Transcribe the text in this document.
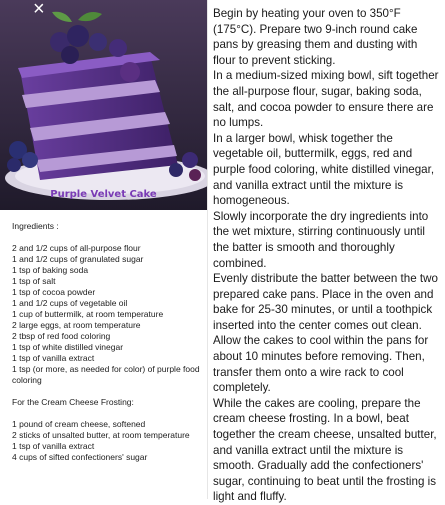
×
Purple Velvet Cake
Ingredients :
2 and 1/2 cups of all-purpose flour
1 and 1/2 cups of granulated sugar
1 tsp of baking soda
1 tsp of salt
1 tsp of cocoa powder
1 and 1/2 cups of vegetable oil
1 cup of buttermilk, at room temperature
2 large eggs, at room temperature
2 tbsp of red food coloring
1 tsp of white distilled vinegar
1 tsp of vanilla extract
1 tsp (or more, as needed for color) of purple food coloring
For the Cream Cheese Frosting:
1 pound of cream cheese, softened
2 sticks of unsalted butter, at room temperature
1 tsp of vanilla extract
4 cups of sifted confectioners' sugar

Begin by heating your oven to 350°F (175°C). Prepare two 9-inch round cake pans by greasing them and dusting with flour to prevent sticking.

In a medium-sized mixing bowl, sift together the all-purpose flour, sugar, baking soda, salt, and cocoa powder to ensure there are no lumps.

In a larger bowl, whisk together the vegetable oil, buttermilk, eggs, red and purple food coloring, white distilled vinegar, and vanilla extract until the mixture is homogeneous.

Slowly incorporate the dry ingredients into the wet mixture, stirring continuously until the batter is smooth and thoroughly combined.

Evenly distribute the batter between the two prepared cake pans. Place in the oven and bake for 25-30 minutes, or until a toothpick inserted into the center comes out clean.

Allow the cakes to cool within the pans for about 10 minutes before removing. Then, transfer them onto a wire rack to cool completely.

While the cakes are cooling, prepare the cream cheese frosting. In a bowl, beat together the cream cheese, unsalted butter, and vanilla extract until the mixture is smooth. Gradually add the confectioners' sugar, continuing to beat until the frosting is light and fluffy.
